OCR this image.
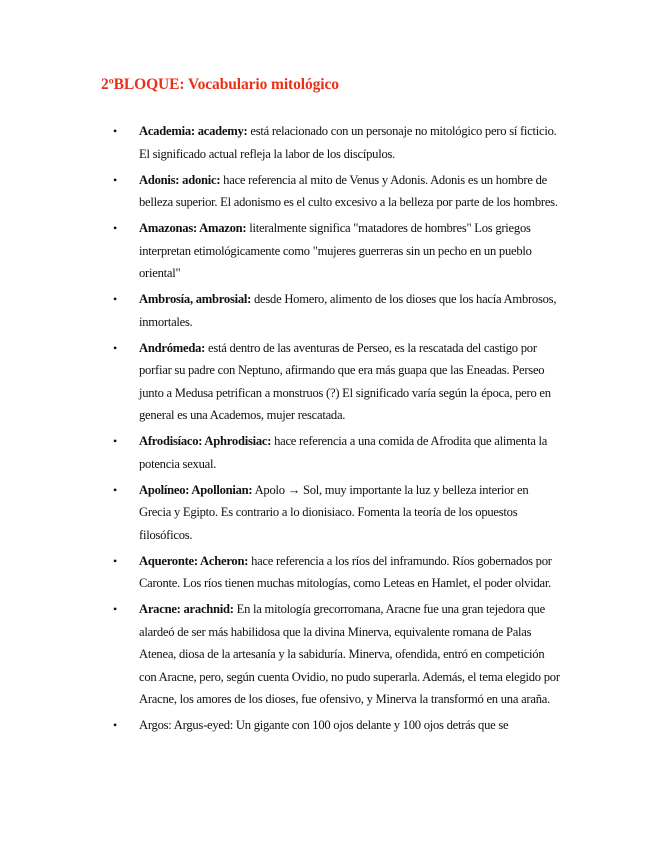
2ºBLOQUE: Vocabulario mitológico
• Academia: academy: está relacionado con un personaje no mitológico pero sí ficticio. El significado actual refleja la labor de los discípulos.
• Adonis: adonic: hace referencia al mito de Venus y Adonis. Adonis es un hombre de belleza superior. El adonismo es el culto excesivo a la belleza por parte de los hombres.
• Amazonas: Amazon: literalmente significa "matadores de hombres" Los griegos interpretan etimológicamente como "mujeres guerreras sin un pecho en un pueblo oriental"
• Ambrosía, ambrosial: desde Homero, alimento de los dioses que los hacía Ambrosos, inmortales.
• Andrómeda: está dentro de las aventuras de Perseo, es la rescatada del castigo por porfiar su padre con Neptuno, afirmando que era más guapa que las Eneadas. Perseo junto a Medusa petrifican a monstruos (?) El significado varía según la época, pero en general es una Academos, mujer rescatada.
• Afrodisíaco: Aphrodisiac: hace referencia a una comida de Afrodita que alimenta la potencia sexual.
• Apolíneo: Apollonian: Apolo → Sol, muy importante la luz y belleza interior en Grecia y Egipto. Es contrario a lo dionisiaco. Fomenta la teoría de los opuestos filosóficos.
• Aqueronte: Acheron: hace referencia a los ríos del inframundo. Ríos gobernados por Caronte. Los ríos tienen muchas mitologías, como Leteas en Hamlet, el poder olvidar.
• Aracne: arachnid: En la mitología grecorromana, Aracne fue una gran tejedora que alardeó de ser más habilidosa que la divina Minerva, equivalente romana de Palas Atenea, diosa de la artesanía y la sabiduría. Minerva, ofendida, entró en competición con Aracne, pero, según cuenta Ovidio, no pudo superarla. Además, el tema elegido por Aracne, los amores de los dioses, fue ofensivo, y Minerva la transformó en una araña.
• Argos: Argus-eyed: Un gigante con 100 ojos delante y 100 ojos detrás que se
